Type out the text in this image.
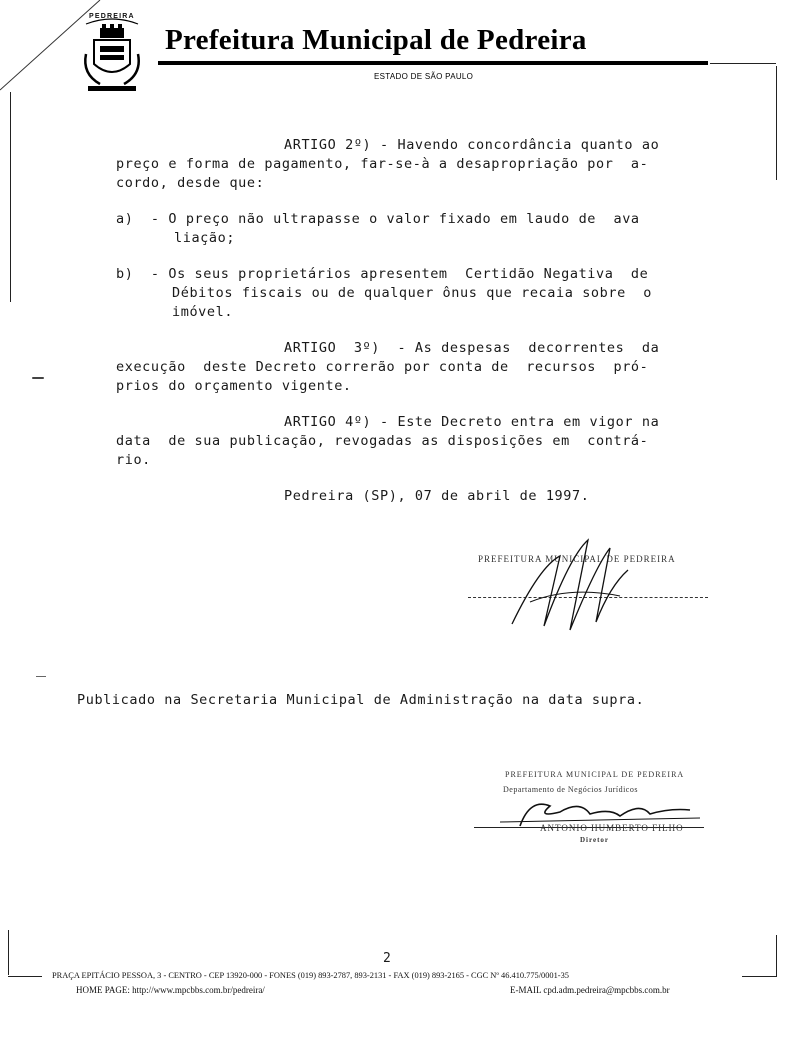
PEDREIRA
Prefeitura Municipal de Pedreira
ESTADO DE SÃO PAULO
ARTIGO 2º) - Havendo concordância quanto ao
preço e forma de pagamento, far-se-à a desapropriação por  a-
cordo, desde que:
a)  - O preço não ultrapasse o valor fixado em laudo de  ava
liação;
b)  - Os seus proprietários apresentem  Certidão Negativa  de
Débitos fiscais ou de qualquer ônus que recaia sobre  o
imóvel.
ARTIGO  3º)  - As despesas  decorrentes  da
execução  deste Decreto correrão por conta de  recursos  pró-
prios do orçamento vigente.
ARTIGO 4º) - Este Decreto entra em vigor na
data  de sua publicação, revogadas as disposições em  contrá-
rio.
Pedreira (SP), 07 de abril de 1997.
PREFEITURA MUNICIPAL DE PEDREIRA
Publicado na Secretaria Municipal de Administração na data supra.
PREFEITURA MUNICIPAL DE PEDREIRA
Departamento de Negócios Jurídicos
ANTONIO HUMBERTO FILHO
Diretor
2
PRAÇA EPITÁCIO PESSOA, 3 - CENTRO - CEP 13920-000 - FONES (019) 893-2787, 893-2131 - FAX (019) 893-2165 - CGC Nº 46.410.775/0001-35
HOME PAGE: http://www.mpcbbs.com.br/pedreira/	E-MAIL cpd.adm.pedreira@mpcbbs.com.br
